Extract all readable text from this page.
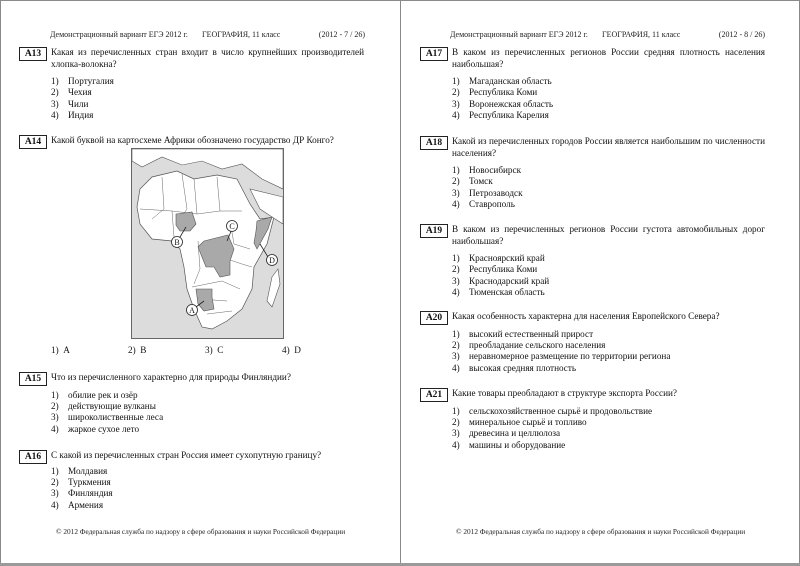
Демонстрационный вариант ЕГЭ 2012 г. ГЕОГРАФИЯ, 11 класс	(2012 - 7 / 26)
A13	Какая из перечисленных стран входит в число крупнейших производителей хлопка-волокна?
1) Португалия
2) Чехия
3) Чили
4) Индия
A14	Какой буквой на картосхеме Африки обозначено государство ДР Конго?
B
C
D
A
1) A	2) B	3) C	4) D
A15	Что из перечисленного характерно для природы Финляндии?
1) обилие рек и озёр
2) действующие вулканы
3) широколиственные леса
4) жаркое сухое лето
A16	С какой из перечисленных стран Россия имеет сухопутную границу?
1) Молдавия
2) Туркмения
3) Финляндия
4) Армения
© 2012 Федеральная служба по надзору в сфере образования и науки Российской Федерации
Демонстрационный вариант ЕГЭ 2012 г. ГЕОГРАФИЯ, 11 класс	(2012 - 8 / 26)
A17	В каком из перечисленных регионов России средняя плотность населения наибольшая?
1) Магаданская область
2) Республика Коми
3) Воронежская область
4) Республика Карелия
A18	Какой из перечисленных городов России является наибольшим по численности населения?
1) Новосибирск
2) Томск
3) Петрозаводск
4) Ставрополь
A19	В каком из перечисленных регионов России густота автомобильных дорог наибольшая?
1) Красноярский край
2) Республика Коми
3) Краснодарский край
4) Тюменская область
A20	Какая особенность характерна для населения Европейского Севера?
1) высокий естественный прирост
2) преобладание сельского населения
3) неравномерное размещение по территории региона
4) высокая средняя плотность
A21	Какие товары преобладают в структуре экспорта России?
1) сельскохозяйственное сырьё и продовольствие
2) минеральное сырьё и топливо
3) древесина и целлюлоза
4) машины и оборудование
© 2012 Федеральная служба по надзору в сфере образования и науки Российской Федерации
